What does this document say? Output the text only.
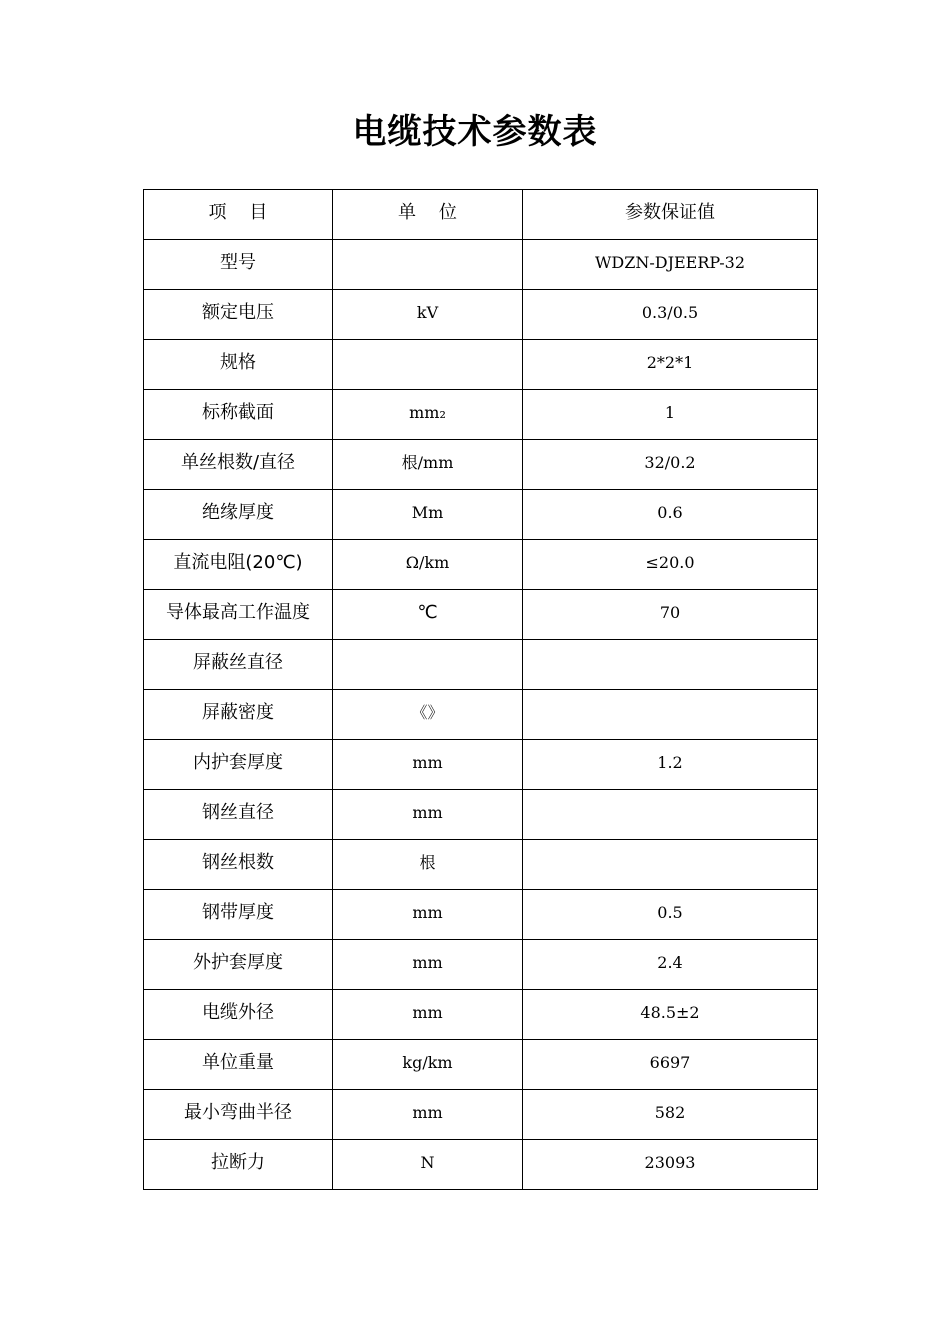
电缆技术参数表
项    目	单    位	参数保证值

型号		WDZN-DJEERP-32

额定电压	kV	0.3/0.5

规格		2*2*1

标称截面	mm₂	1

单丝根数/直径	根/mm	32/0.2

绝缘厚度	Mm	0.6

直流电阻(20℃)	Ω/km	≤20.0

导体最高工作温度	℃	70

屏蔽丝直径		

屏蔽密度	《》	

内护套厚度	mm	1.2

钢丝直径	mm	

钢丝根数	根	

钢带厚度	mm	0.5

外护套厚度	mm	2.4

电缆外径	mm	48.5±2

单位重量	kg/km	6697

最小弯曲半径	mm	582

拉断力	N	23093
